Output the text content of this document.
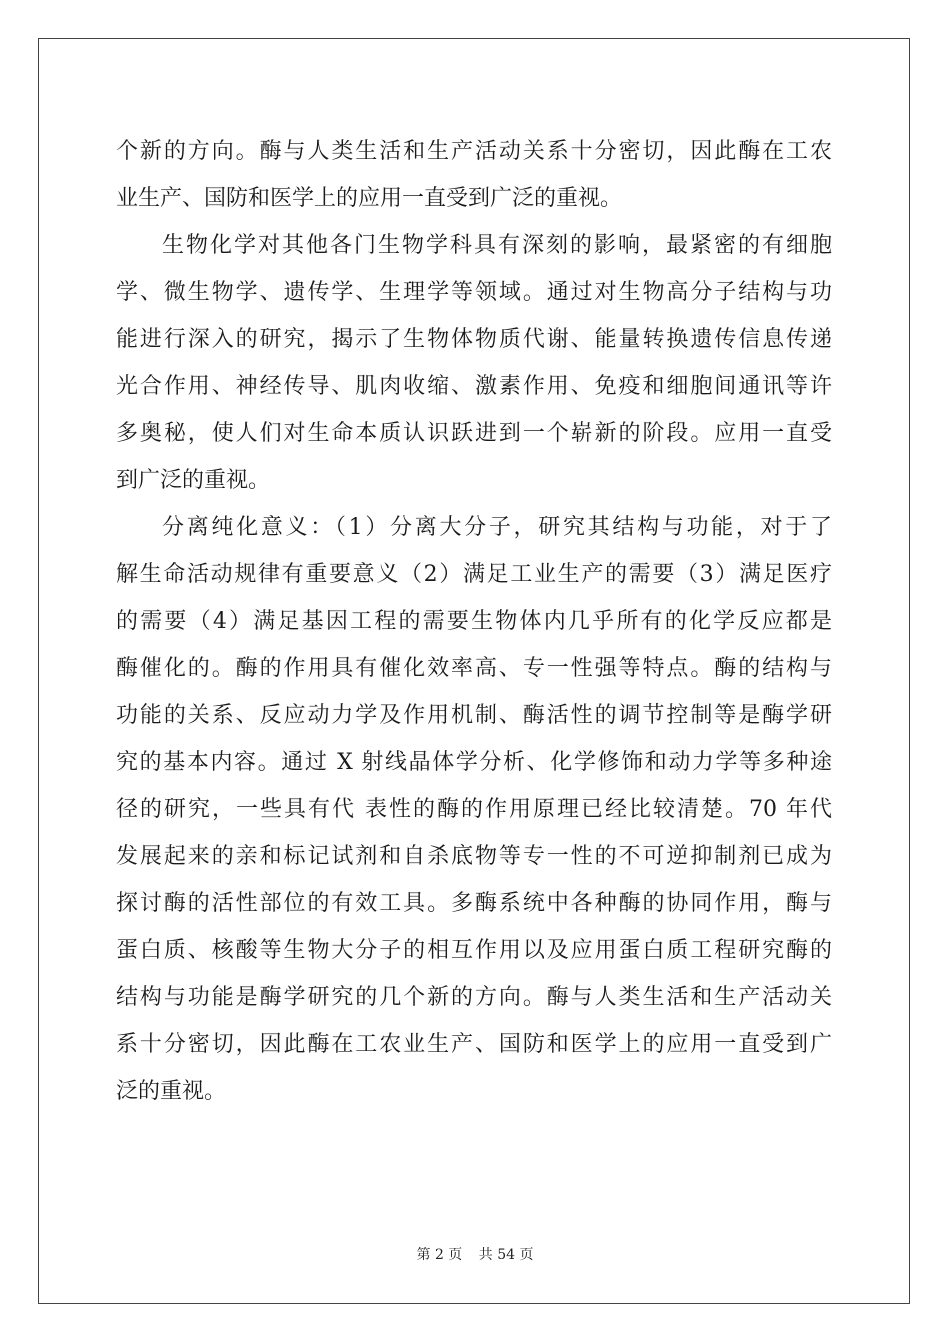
个新的方向。酶与人类生活和生产活动关系十分密切，因此酶在工农
业生产、国防和医学上的应用一直受到广泛的重视。
生物化学对其他各门生物学科具有深刻的影响，最紧密的有细胞
学、微生物学、遗传学、生理学等领域。通过对生物高分子结构与功
能进行深入的研究，揭示了生物体物质代谢、能量转换遗传信息传递
光合作用、神经传导、肌肉收缩、激素作用、免疫和细胞间通讯等许
多奥秘，使人们对生命本质认识跃进到一个崭新的阶段。应用一直受
到广泛的重视。
分离纯化意义：（1）分离大分子，研究其结构与功能，对于了
解生命活动规律有重要意义（2）满足工业生产的需要（3）满足医疗
的需要（4）满足基因工程的需要生物体内几乎所有的化学反应都是
酶催化的。酶的作用具有催化效率高、专一性强等特点。酶的结构与
功能的关系、反应动力学及作用机制、酶活性的调节控制等是酶学研
究的基本内容。通过 X 射线晶体学分析、化学修饰和动力学等多种途
径的研究，一些具有代 表性的酶的作用原理已经比较清楚。70 年代
发展起来的亲和标记试剂和自杀底物等专一性的不可逆抑制剂已成为
探讨酶的活性部位的有效工具。多酶系统中各种酶的协同作用，酶与
蛋白质、核酸等生物大分子的相互作用以及应用蛋白质工程研究酶的
结构与功能是酶学研究的几个新的方向。酶与人类生活和生产活动关
系十分密切，因此酶在工农业生产、国防和医学上的应用一直受到广
泛的重视。
第 2 页 共 54 页
